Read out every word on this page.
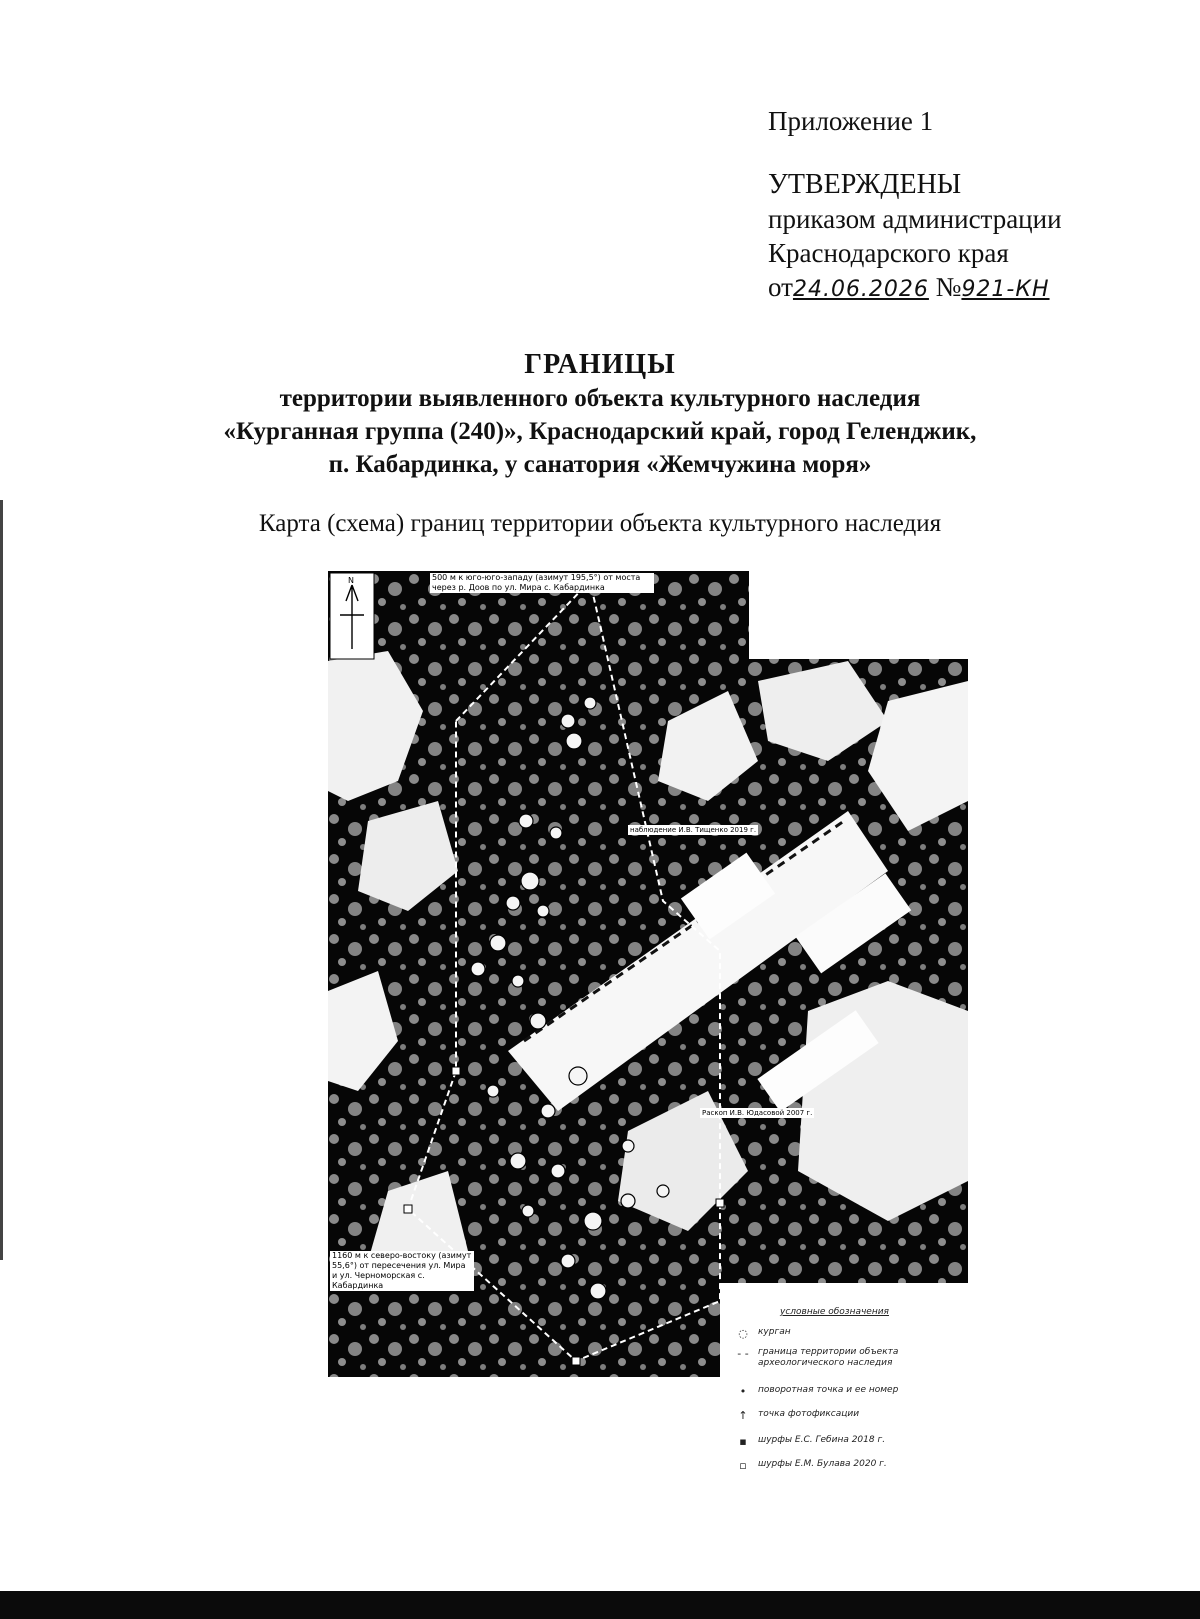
Приложение 1
УТВЕРЖДЕНЫ
приказом администрации
Краснодарского края
от24.06.2026 №921-КН
ГРАНИЦЫ
территории выявленного объекта культурного наследия
«Курганная группа (240)», Краснодарский край, город Геленджик,
п. Кабардинка, у санатория «Жемчужина моря»
Карта (схема) границ территории объекта культурного наследия
N	500 м к юго-юго-западу (азимут 195,5°) от моста через р. Доов по ул. Мира с. Кабардинка
наблюдение И.В. Тищенко 2019 г.
Раскоп И.В. Юдасовой 2007 г.
1160 м к северо-востоку (азимут 55,6°) от пересечения ул. Мира и ул. Черноморская с. Кабардинка
условные обозначения
◌	курган
- -	граница территории объекта археологического наследия
•	поворотная точка и ее номер
↑	точка фотофиксации
▪	шурфы Е.С. Гебина 2018 г.
▫	шурфы Е.М. Булава 2020 г.
